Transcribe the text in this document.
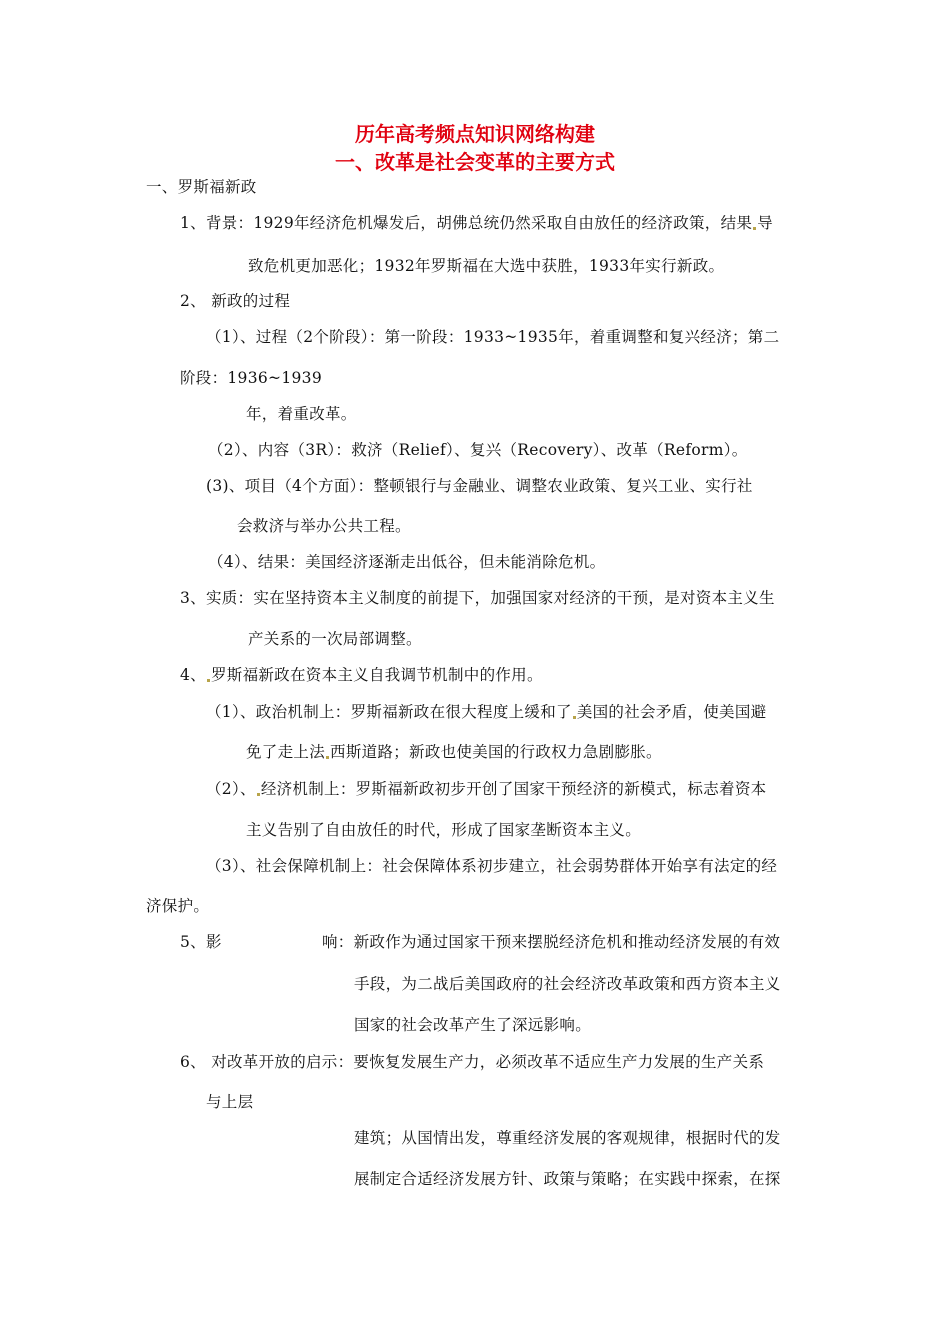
历年高考频点知识网络构建
一、改革是社会变革的主要方式
一、罗斯福新政
1、背景：1929年经济危机爆发后，胡佛总统仍然采取自由放任的经济政策，结果 导
致危机更加恶化；1932年罗斯福在大选中获胜，1933年实行新政。
2、 新政的过程
（1）、过程（2个阶段）：第一阶段：1933~1935年，着重调整和复兴经济；第二
阶段：1936~1939
年，着重改革。
（2）、内容（3R）：救济（Relief）、复兴（Recovery）、改革（Reform）。
(3)、项目（4个方面）：整顿银行与金融业、调整农业政策、复兴工业、实行社
会救济与举办公共工程。
（4）、结果：美国经济逐渐走出低谷，但未能消除危机。
3、实质：实在坚持资本主义制度的前提下，加强国家对经济的干预，是对资本主义生
产关系的一次局部调整。
4、 罗斯福新政在资本主义自我调节机制中的作用。
（1）、政治机制上：罗斯福新政在很大程度上缓和了 美国的社会矛盾，使美国避
免了走上法 西斯道路；新政也使美国的行政权力急剧膨胀。
（2）、 经济机制上：罗斯福新政初步开创了国家干预经济的新模式，标志着资本
主义告别了自由放任的时代，形成了国家垄断资本主义。
（3）、社会保障机制上：社会保障体系初步建立，社会弱势群体开始享有法定的经
济保护。
5、影	响：新政作为通过国家干预来摆脱经济危机和推动经济发展的有效
手段，为二战后美国政府的社会经济改革政策和西方资本主义
国家的社会改革产生了深远影响。
6、 对改革开放的启示：要恢复发展生产力，必须改革不适应生产力发展的生产关系
与上层
建筑；从国情出发，尊重经济发展的客观规律，根据时代的发
展制定合适经济发展方针、政策与策略；在实践中探索，在探
